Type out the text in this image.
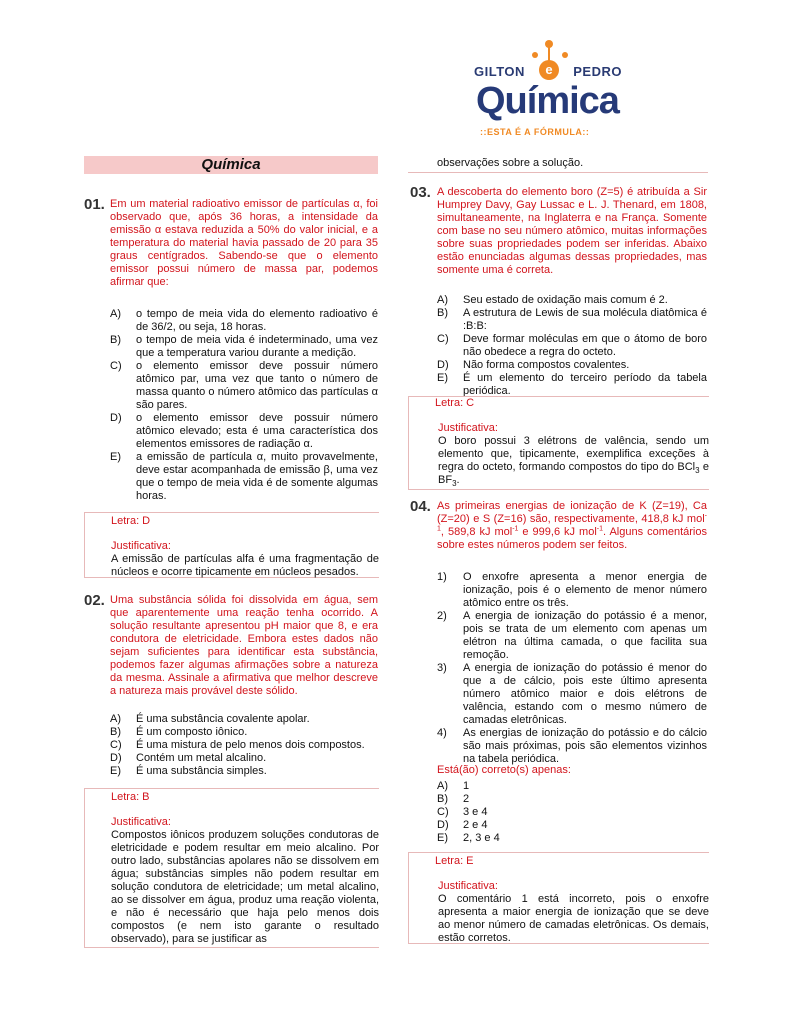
GILTON	PEDRO
e
Química
::ESTA É A FÓRMULA::
Química
01. Em um material radioativo emissor de partículas α, foi observado que, após 36 horas, a intensidade da emissão α estava reduzida a 50% do valor inicial, e a temperatura do material havia passado de 20 para 35 graus centígrados. Sabendo-se que o elemento emissor possui número de massa par, podemos afirmar que:
A)	o tempo de meia vida do elemento radioativo é de 36/2, ou seja, 18 horas.
B)	o tempo de meia vida é indeterminado, uma vez que a temperatura variou durante a medição.
C)	o elemento emissor deve possuir número atômico par, uma vez que tanto o número de massa quanto o número atômico das partículas α são pares.
D)	o elemento emissor deve possuir número atômico elevado; esta é uma característica dos elementos emissores de radiação α.
E)	a emissão de partícula α, muito provavelmente, deve estar acompanhada de emissão β, uma vez que o tempo de meia vida é de somente algumas horas.
Letra: D
Justificativa:
A emissão de partículas alfa é uma fragmentação de núcleos e ocorre tipicamente em núcleos pesados.
02. Uma substância sólida foi dissolvida em água, sem que aparentemente uma reação tenha ocorrido. A solução resultante apresentou pH maior que 8, e era condutora de eletricidade. Embora estes dados não sejam suficientes para identificar esta substância, podemos fazer algumas afirmações sobre a natureza da mesma. Assinale a afirmativa que melhor descreve a natureza mais provável deste sólido.
A)	É uma substância covalente apolar.
B)	É um composto iônico.
C)	É uma mistura de pelo menos dois compostos.
D)	Contém um metal alcalino.
E)	É uma substância simples.
Letra: B
Justificativa:
Compostos iônicos produzem soluções condutoras de eletricidade e podem resultar em meio alcalino. Por outro lado, substâncias apolares não se dissolvem em água; substâncias simples não podem resultar em solução condutora de eletricidade; um metal alcalino, ao se dissolver em água, produz uma reação violenta, e não é necessário que haja pelo menos dois compostos (e nem isto garante o resultado observado), para se justificar as
observações sobre a solução.
03. A descoberta do elemento boro (Z=5) é atribuída a Sir Humprey Davy, Gay Lussac e L. J. Thenard, em 1808, simultaneamente, na Inglaterra e na França. Somente com base no seu número atômico, muitas informações sobre suas propriedades podem ser inferidas. Abaixo estão enunciadas algumas dessas propriedades, mas somente uma é correta.
A)	Seu estado de oxidação mais comum é 2.
B)	A estrutura de Lewis de sua molécula diatômica é :B:B:
C)	Deve formar moléculas em que o átomo de boro não obedece a regra do octeto.
D)	Não forma compostos covalentes.
E)	É um elemento do terceiro período da tabela periódica.
Letra: C
Justificativa:
O boro possui 3 elétrons de valência, sendo um elemento que, tipicamente, exemplifica exceções à regra do octeto, formando compostos do tipo do BCl$_3$ e $BF_3$.
04. As primeiras energias de ionização de K (Z=19), Ca (Z=20) e S (Z=16) são, respectivamente, 418,8 kJ mol$^{-1}$, 589,8 kJ mol$^{-1}$ e 999,6 kJ mol$^{-1}$. Alguns comentários sobre estes números podem ser feitos.
1)	O enxofre apresenta a menor energia de ionização, pois é o elemento de menor número atômico entre os três.
2)	A energia de ionização do potássio é a menor, pois se trata de um elemento com apenas um elétron na última camada, o que facilita sua remoção.
3)	A energia de ionização do potássio é menor do que a de cálcio, pois este último apresenta número atômico maior e dois elétrons de valência, estando com o mesmo número de camadas eletrônicas.
4)	As energias de ionização do potássio e do cálcio são mais próximas, pois são elementos vizinhos na tabela periódica.
Está(ão) correto(s) apenas:
A)	1
B)	2
C)	3 e 4
D)	2 e 4
E)	2, 3 e 4
Letra: E
Justificativa:
O comentário 1 está incorreto, pois o enxofre apresenta a maior energia de ionização que se deve ao menor número de camadas eletrônicas. Os demais, estão corretos.
